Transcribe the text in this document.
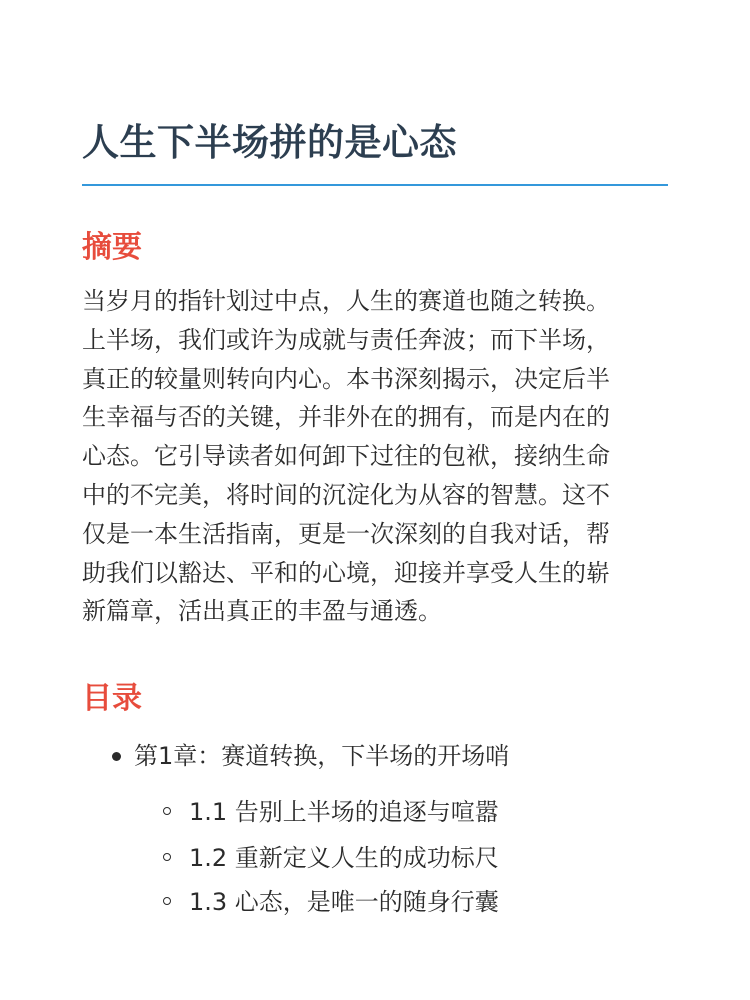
人生下半场拼的是心态
摘要

当岁月的指针划过中点，人生的赛道也随之转换。
上半场，我们或许为成就与责任奔波；而下半场，
真正的较量则转向内心。本书深刻揭示，决定后半
生幸福与否的关键，并非外在的拥有，而是内在的
心态。它引导读者如何卸下过往的包袱，接纳生命
中的不完美，将时间的沉淀化为从容的智慧。这不
仅是一本生活指南，更是一次深刻的自我对话，帮
助我们以豁达、平和的心境，迎接并享受人生的崭
新篇章，活出真正的丰盈与通透。

目录
第1章：赛道转换，下半场的开场哨
1.1 告别上半场的追逐与喧嚣
1.2 重新定义人生的成功标尺
1.3 心态，是唯一的随身行囊
